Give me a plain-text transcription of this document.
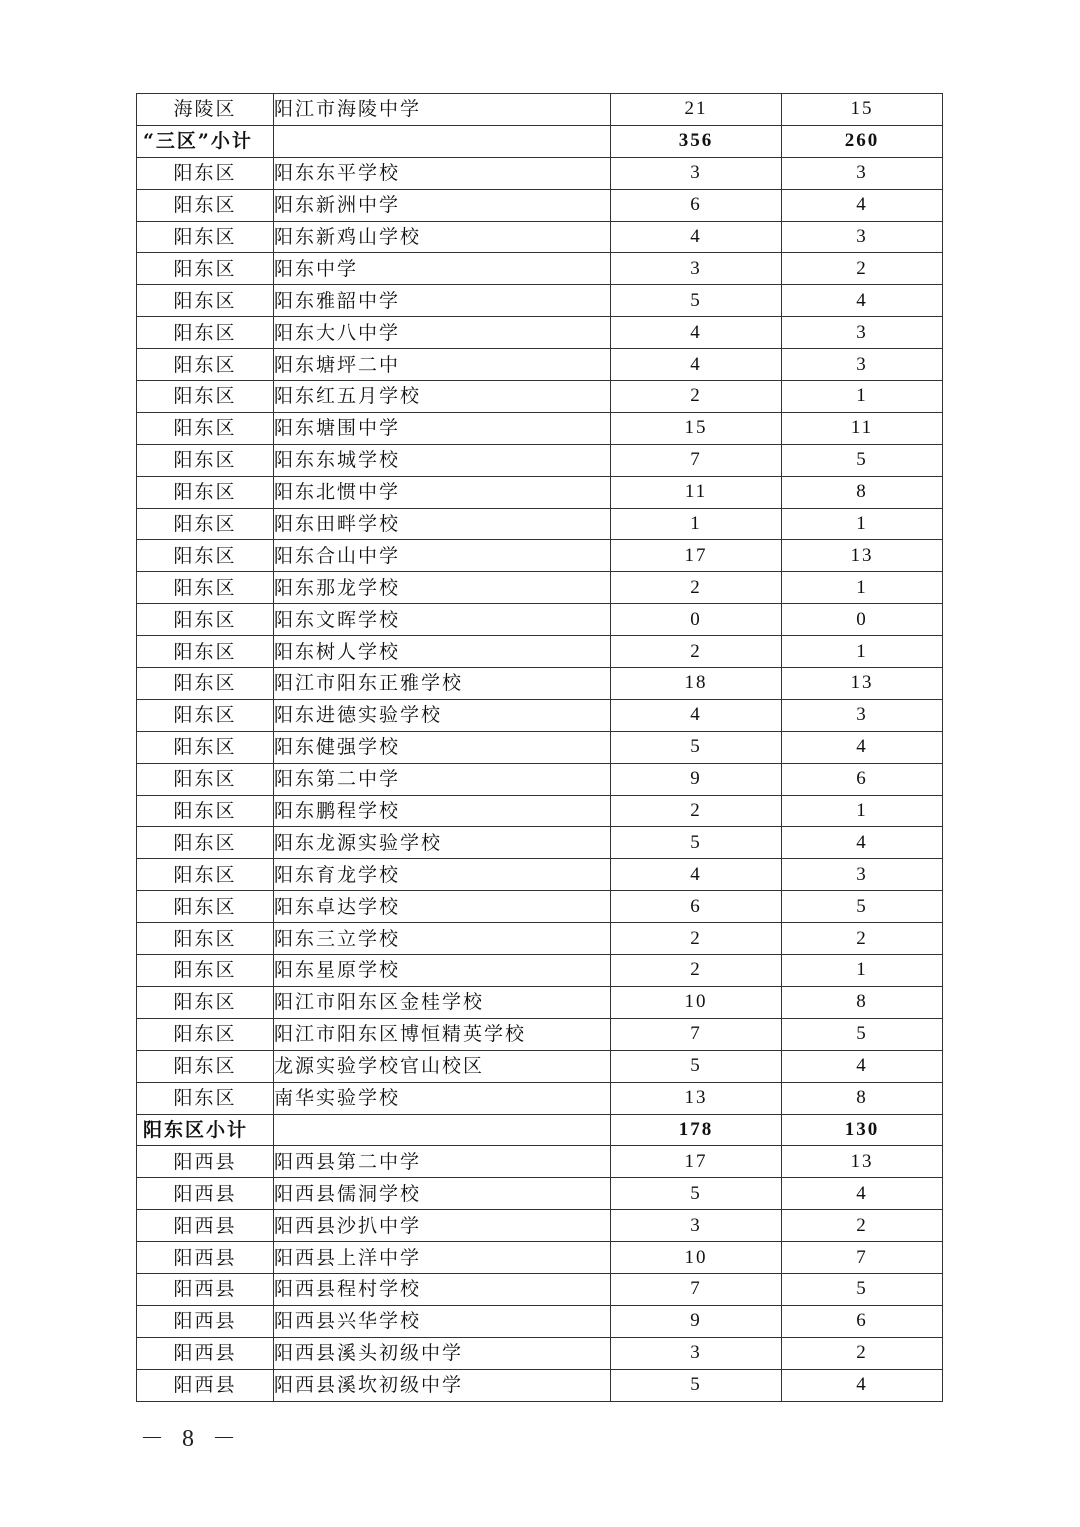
海陵区	阳江市海陵中学	21	15
“三区”小计		356	260
阳东区	阳东东平学校	3	3
阳东区	阳东新洲中学	6	4
阳东区	阳东新鸡山学校	4	3
阳东区	阳东中学	3	2
阳东区	阳东雅韶中学	5	4
阳东区	阳东大八中学	4	3
阳东区	阳东塘坪二中	4	3
阳东区	阳东红五月学校	2	1
阳东区	阳东塘围中学	15	11
阳东区	阳东东城学校	7	5
阳东区	阳东北惯中学	11	8
阳东区	阳东田畔学校	1	1
阳东区	阳东合山中学	17	13
阳东区	阳东那龙学校	2	1
阳东区	阳东文晖学校	0	0
阳东区	阳东树人学校	2	1
阳东区	阳江市阳东正雅学校	18	13
阳东区	阳东进德实验学校	4	3
阳东区	阳东健强学校	5	4
阳东区	阳东第二中学	9	6
阳东区	阳东鹏程学校	2	1
阳东区	阳东龙源实验学校	5	4
阳东区	阳东育龙学校	4	3
阳东区	阳东卓达学校	6	5
阳东区	阳东三立学校	2	2
阳东区	阳东星原学校	2	1
阳东区	阳江市阳东区金桂学校	10	8
阳东区	阳江市阳东区博恒精英学校	7	5
阳东区	龙源实验学校官山校区	5	4
阳东区	南华实验学校	13	8
阳东区小计		178	130
阳西县	阳西县第二中学	17	13
阳西县	阳西县儒洞学校	5	4
阳西县	阳西县沙扒中学	3	2
阳西县	阳西县上洋中学	10	7
阳西县	阳西县程村学校	7	5
阳西县	阳西县兴华学校	9	6
阳西县	阳西县溪头初级中学	3	2
阳西县	阳西县溪坎初级中学	5	4
－ 8 －
